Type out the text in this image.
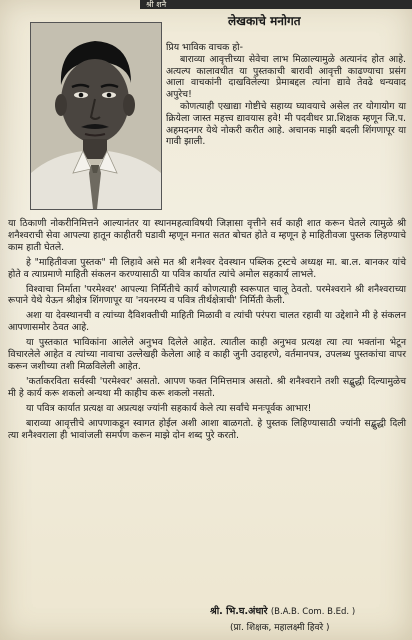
श्री शनै
लेखकाचे मनोगत

प्रिय भाविक वाचक हो-

बाराव्या आवृत्तीच्या सेवेचा लाभ मिळाल्यामुळे अत्यानंद होत आहे. अत्यल्प कालावधीत या पुस्तकाची बारावी आवृत्ती काढण्याचा प्रसंग आला वाचकांनी दाखविलेल्या प्रेमाबद्दल त्यांना द्यावे तेवढे धन्यवाद अपुरेच!

कोणत्याही एखाद्या गोष्टीचे सहाय्य घ्यावयाचे असेल तर योगायोग या क्रियेला जास्त महत्त्व द्यावयास हवे! मी पदवीधर प्रा.शिक्षक म्हणून जि.प. अहमदनगर येथे नोकरी करीत आहे. अचानक माझी बदली शिंगणापूर या गावी झाली.

या ठिकाणी नोकरीनिमित्तने आल्यानंतर या स्थानमहत्वाविषयी जिज्ञासा वृत्तीने सर्व काही शात करून घेतले त्यामुळे श्री शनैश्वराची सेवा आपल्या हातून काहीतरी घडावी म्हणून मनात सतत बोचत होते व म्हणून हे माहितीवजा पुस्तक लिहण्याचे काम हाती घेतले.

हे "माहितीवजा पुस्तक" मी लिहावे असे मत श्री शनैश्वर देवस्थान पब्लिक ट्रस्टचे अध्यक्ष मा. बा.ल. बानकर यांचे होते व त्याप्रमाणे माहिती संकलन करण्यासाठी या पवित्र कार्यात त्यांचे अमोल सहकार्य लाभले.

विश्वाचा निर्माता 'परमेश्वर' आपल्या निर्मितीचे कार्य कोणत्याही स्वरूपात चालू ठेवतो. परमेश्वराने श्री शनैश्वराच्या रूपाने येथे येऊन श्रीक्षेत्र शिंगणापूर या 'नयनरम्य व पवित्र तीर्थक्षेत्राची' निर्मिती केली.

अशा या देवस्थानची व त्यांच्या दैविशक्तीची माहिती मिळावी व त्यांची परंपरा चालत रहावी या उद्देशाने मी हे संकलन आपणासमोर ठेवत आहे.

या पुस्तकात भाविकांना आलेले अनुभव दिलेले आहेत. त्यातील काही अनुभव प्रत्यक्ष त्या त्या भक्तांना भेटून विचारलेले आहेत व त्यांच्या नावाचा उल्लेखही केलेला आहे व काही जुनी उदाहरणे, वर्तमानपत्र, उपलब्ध पुस्तकांचा वापर करून जशीच्या तशी मिळविलेली आहेत.

'कर्ताकरविता सर्वस्वी 'परमेश्वर' असतो. आपण फक्त निमित्तमात्र असतो. श्री शनैश्वराने तशी सद्बुद्धी दिल्यामुळेच मी हे कार्य करू शकलो अन्यथा मी काहीच करू शकलो नसतो.

या पवित्र कार्यात प्रत्यक्ष वा अप्रत्यक्ष ज्यांनी सहकार्य केले त्या सर्वांचे मनःपूर्वक आभार!

बाराव्या आवृत्तीचे आपणाकडून स्वागत होईल अशी आशा बाळगतो. हे पुस्तक लिहिण्यासाठी ज्यांनी सद्बुद्धी दिली त्या शनैश्वराला ही भावांजली समर्पण करून माझे दोन शब्द पुरे करतो.

श्री. भि.घ.अंधारे (B.A.B. Com. B.Ed. )
(प्रा. शिक्षक, महालक्ष्मी हिवरे )
